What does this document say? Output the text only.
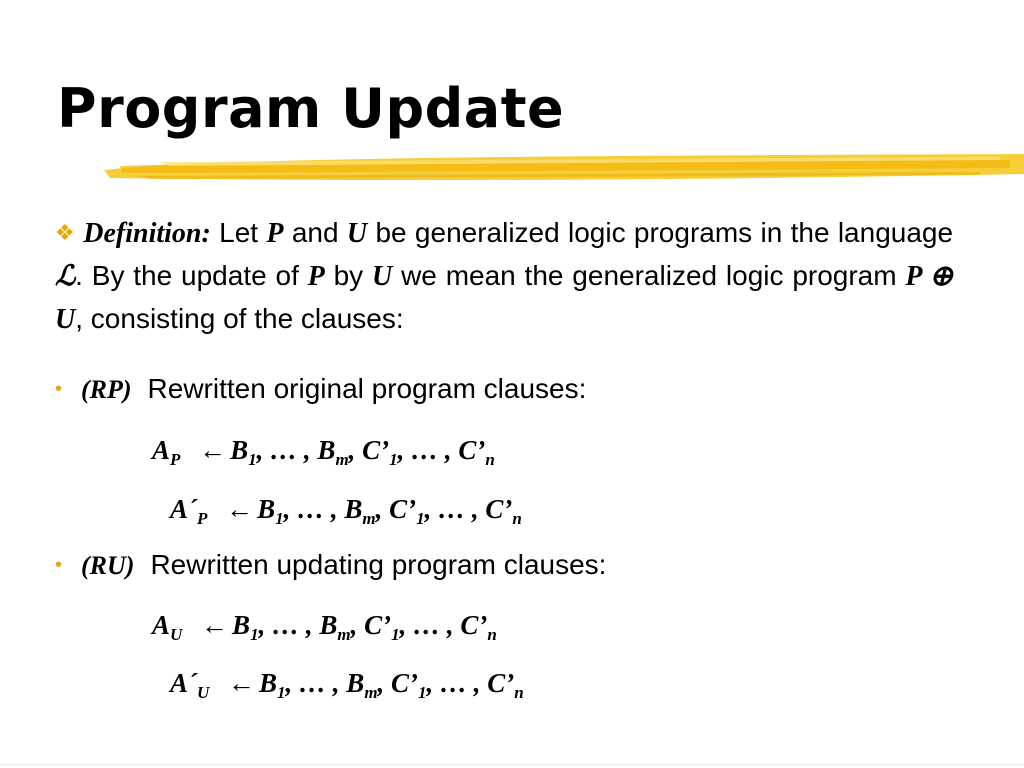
Program Update
❖ Definition: Let P and U be generalized logic programs in the language ℒ. By the update of P by U we mean the generalized logic program P ⊕ U, consisting of the clauses:
• (RP) Rewritten original program clauses:
$A_P$ ← $B_1$, … , $B_m$, $C’_1$, … , $C’_n$
$A´_P$ ← $B_1$, … , $B_m$, $C’_1$, … , $C’_n$
• (RU) Rewritten updating program clauses:
$A_U$ ← $B_1$, … , $B_m$, $C’_1$, … , $C’_n$
$A´_U$ ← $B_1$, … , $B_m$, $C’_1$, … , $C’_n$
